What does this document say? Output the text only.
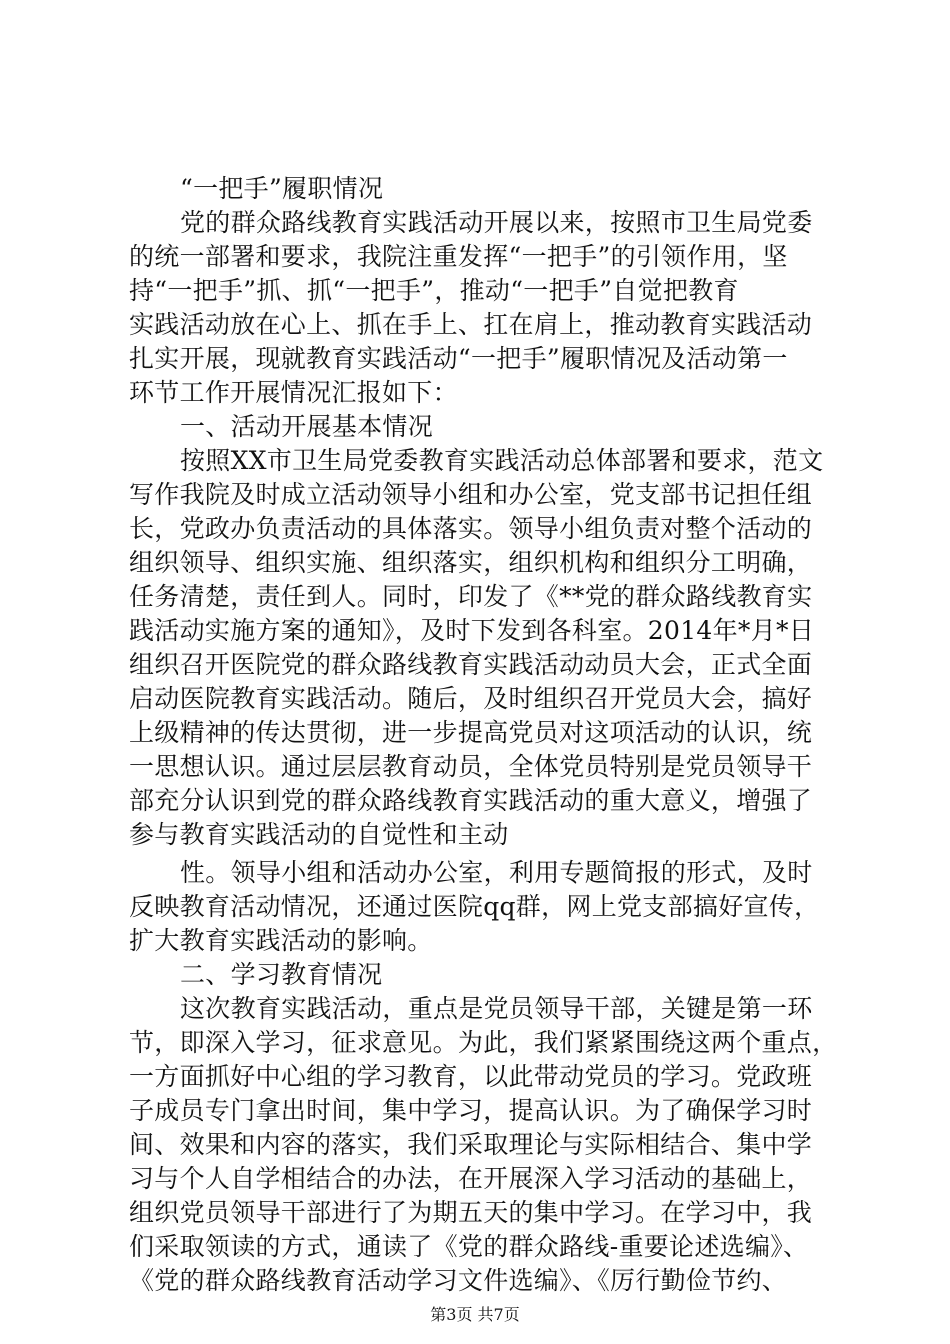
“一把手”履职情况
党的群众路线教育实践活动开展以来，按照市卫生局党委
的统一部署和要求，我院注重发挥“一把手”的引领作用，坚
持“一把手”抓、抓“一把手”，推动“一把手”自觉把教育
实践活动放在心上、抓在手上、扛在肩上，推动教育实践活动
扎实开展，现就教育实践活动“一把手”履职情况及活动第一
环节工作开展情况汇报如下：
一、活动开展基本情况
按照XX市卫生局党委教育实践活动总体部署和要求，范文
写作我院及时成立活动领导小组和办公室，党支部书记担任组
长，党政办负责活动的具体落实。领导小组负责对整个活动的
组织领导、组织实施、组织落实，组织机构和组织分工明确，
任务清楚，责任到人。同时，印发了《**党的群众路线教育实
践活动实施方案的通知》，及时下发到各科室。2014年*月*日
组织召开医院党的群众路线教育实践活动动员大会，正式全面
启动医院教育实践活动。随后，及时组织召开党员大会，搞好
上级精神的传达贯彻，进一步提高党员对这项活动的认识，统
一思想认识。通过层层教育动员，全体党员特别是党员领导干
部充分认识到党的群众路线教育实践活动的重大意义，增强了
参与教育实践活动的自觉性和主动
性。领导小组和活动办公室，利用专题简报的形式，及时
反映教育活动情况，还通过医院qq群，网上党支部搞好宣传，
扩大教育实践活动的影响。
二、学习教育情况
这次教育实践活动，重点是党员领导干部，关键是第一环
节，即深入学习，征求意见。为此，我们紧紧围绕这两个重点，
一方面抓好中心组的学习教育，以此带动党员的学习。党政班
子成员专门拿出时间，集中学习，提高认识。为了确保学习时
间、效果和内容的落实，我们采取理论与实际相结合、集中学
习与个人自学相结合的办法，在开展深入学习活动的基础上，
组织党员领导干部进行了为期五天的集中学习。在学习中，我
们采取领读的方式，通读了《党的群众路线-重要论述选编》、
《党的群众路线教育活动学习文件选编》、《厉行勤俭节约、
第3页 共7页
